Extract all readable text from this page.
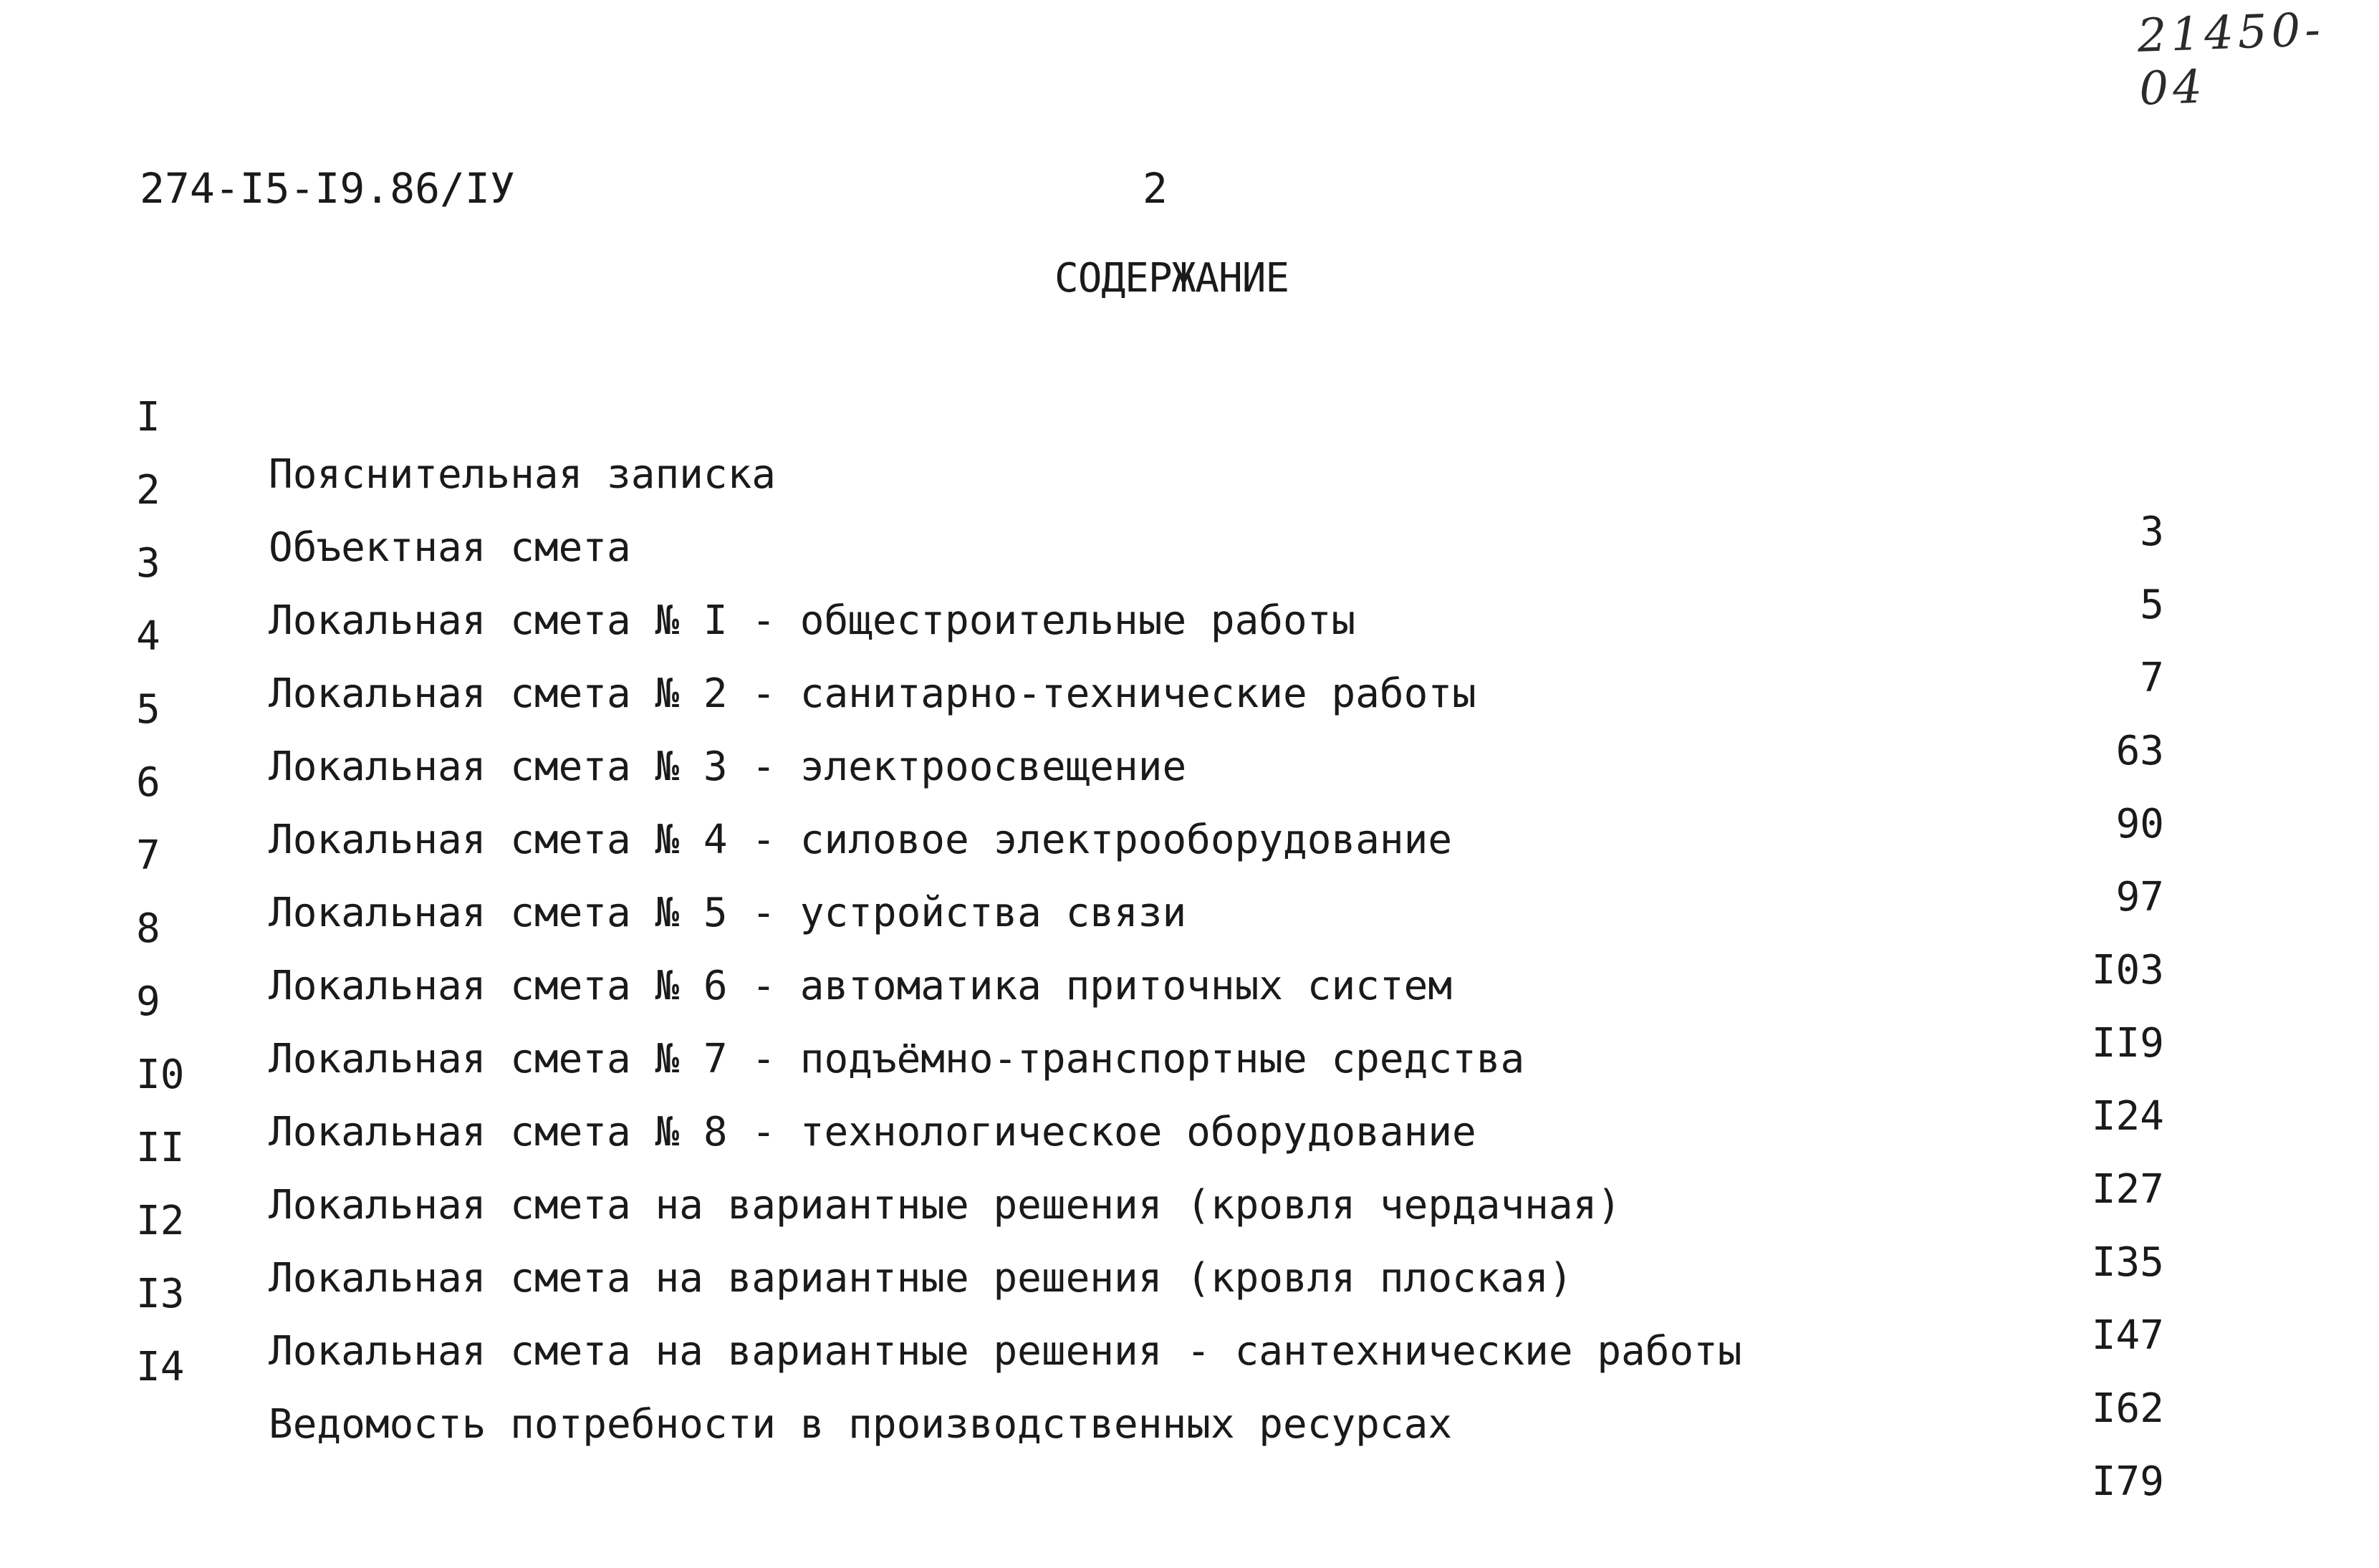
21450-04
274-I5-I9.86/IУ	2
СОДЕРЖАНИЕ

I

Пояснительная записка

3

2

Объектная смета

5

3

Локальная смета № I - общестроительные работы

7

4

Локальная смета № 2 - санитарно-технические работы

63

5

Локальная смета № 3 - электроосвещение

90

6

Локальная смета № 4 - силовое электрооборудование

97

7

Локальная смета № 5 - устройства связи

I03

8

Локальная смета № 6 - автоматика приточных систем

II9

9

Локальная смета № 7 - подъёмно-транспортные средства

I24

I0

Локальная смета № 8 - технологическое оборудование

I27

II

Локальная смета на вариантные решения (кровля чердачная)

I35

I2

Локальная смета на вариантные решения (кровля плоская)

I47

I3

Локальная смета на вариантные решения - сантехнические работы

I62

I4

Ведомость потребности в производственных ресурсах

I79
